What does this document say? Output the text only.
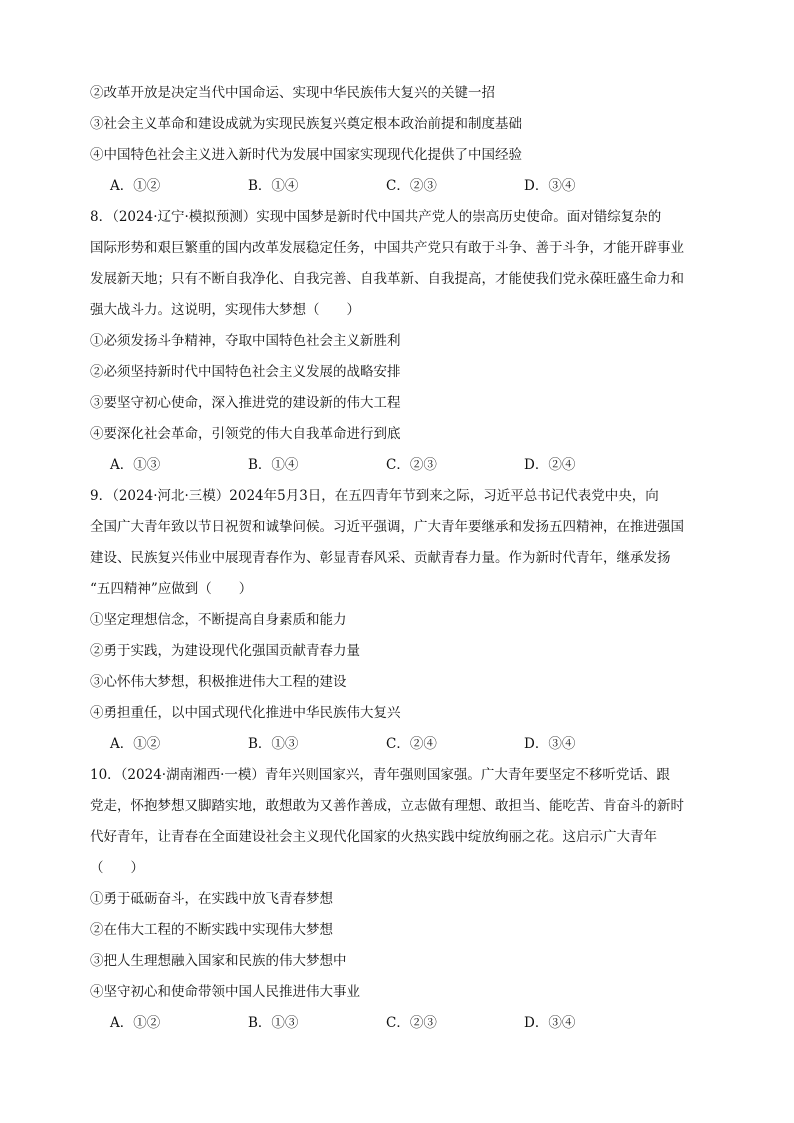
②改革开放是决定当代中国命运、实现中华民族伟大复兴的关键一招
③社会主义革命和建设成就为实现民族复兴奠定根本政治前提和制度基础
④中国特色社会主义进入新时代为发展中国家实现现代化提供了中国经验
A．①②	B．①④	C．②③	D．③④
8．（2024·辽宁·模拟预测）实现中国梦是新时代中国共产党人的崇高历史使命。面对错综复杂的
国际形势和艰巨繁重的国内改革发展稳定任务，中国共产党只有敢于斗争、善于斗争，才能开辟事业
发展新天地；只有不断自我净化、自我完善、自我革新、自我提高，才能使我们党永葆旺盛生命力和
强大战斗力。这说明，实现伟大梦想（　　）
①必须发扬斗争精神，夺取中国特色社会主义新胜利
②必须坚持新时代中国特色社会主义发展的战略安排
③要坚守初心使命，深入推进党的建设新的伟大工程
④要深化社会革命，引领党的伟大自我革命进行到底
A．①③	B．①④	C．②③	D．②④
9．（2024·河北·三模）2024年5月3日，在五四青年节到来之际，习近平总书记代表党中央，向
全国广大青年致以节日祝贺和诚挚问候。习近平强调，广大青年要继承和发扬五四精神，在推进强国
建设、民族复兴伟业中展现青春作为、彰显青春风采、贡献青春力量。作为新时代青年，继承发扬
“五四精神”应做到（　　）
①坚定理想信念，不断提高自身素质和能力
②勇于实践，为建设现代化强国贡献青春力量
③心怀伟大梦想，积极推进伟大工程的建设
④勇担重任，以中国式现代化推进中华民族伟大复兴
A．①②	B．①③	C．②④	D．③④
10．（2024·湖南湘西·一模）青年兴则国家兴，青年强则国家强。广大青年要坚定不移听党话、跟
党走，怀抱梦想又脚踏实地，敢想敢为又善作善成，立志做有理想、敢担当、能吃苦、肯奋斗的新时
代好青年，让青春在全面建设社会主义现代化国家的火热实践中绽放绚丽之花。这启示广大青年
（　　）
①勇于砥砺奋斗，在实践中放飞青春梦想
②在伟大工程的不断实践中实现伟大梦想
③把人生理想融入国家和民族的伟大梦想中
④坚守初心和使命带领中国人民推进伟大事业
A．①②	B．①③	C．②③	D．③④
